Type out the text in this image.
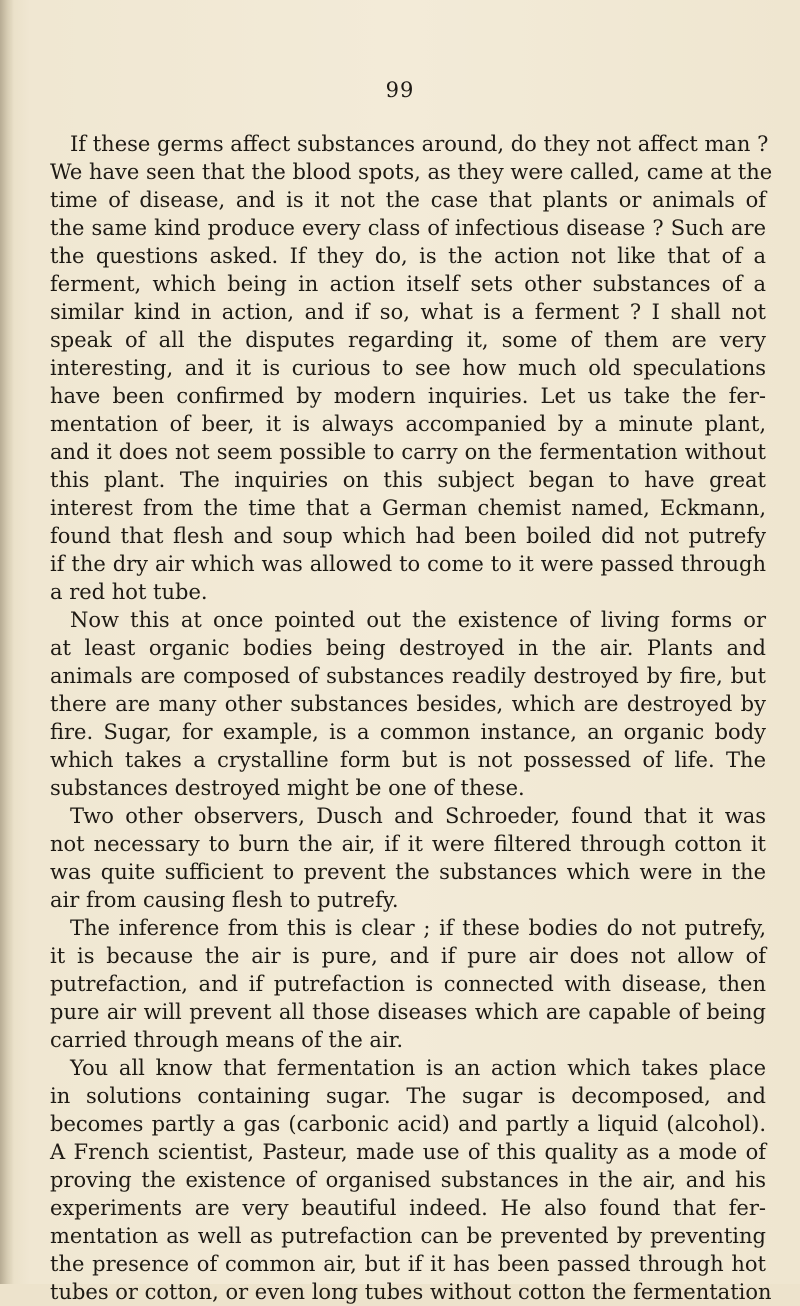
99
If these germs affect substances around, do they not affect man ?
We have seen that the blood spots, as they were called, came at the
time of disease, and is it not the case that plants or animals of
the same kind produce every class of infectious disease ? Such are
the questions asked. If they do, is the action not like that of a
ferment, which being in action itself sets other substances of a
similar kind in action, and if so, what is a ferment ? I shall not
speak of all the disputes regarding it, some of them are very
interesting, and it is curious to see how much old speculations
have been confirmed by modern inquiries. Let us take the fer-
mentation of beer, it is always accompanied by a minute plant,
and it does not seem possible to carry on the fermentation without
this plant. The inquiries on this subject began to have great
interest from the time that a German chemist named, Eckmann,
found that flesh and soup which had been boiled did not putrefy
if the dry air which was allowed to come to it were passed through
a red hot tube.
Now this at once pointed out the existence of living forms or
at least organic bodies being destroyed in the air. Plants and
animals are composed of substances readily destroyed by fire, but
there are many other substances besides, which are destroyed by
fire. Sugar, for example, is a common instance, an organic body
which takes a crystalline form but is not possessed of life. The
substances destroyed might be one of these.
Two other observers, Dusch and Schroeder, found that it was
not necessary to burn the air, if it were filtered through cotton it
was quite sufficient to prevent the substances which were in the
air from causing flesh to putrefy.
The inference from this is clear ; if these bodies do not putrefy,
it is because the air is pure, and if pure air does not allow of
putrefaction, and if putrefaction is connected with disease, then
pure air will prevent all those diseases which are capable of being
carried through means of the air.
You all know that fermentation is an action which takes place
in solutions containing sugar. The sugar is decomposed, and
becomes partly a gas (carbonic acid) and partly a liquid (alcohol).
A French scientist, Pasteur, made use of this quality as a mode of
proving the existence of organised substances in the air, and his
experiments are very beautiful indeed. He also found that fer-
mentation as well as putrefaction can be prevented by preventing
the presence of common air, but if it has been passed through hot
tubes or cotton, or even long tubes without cotton the fermentation
